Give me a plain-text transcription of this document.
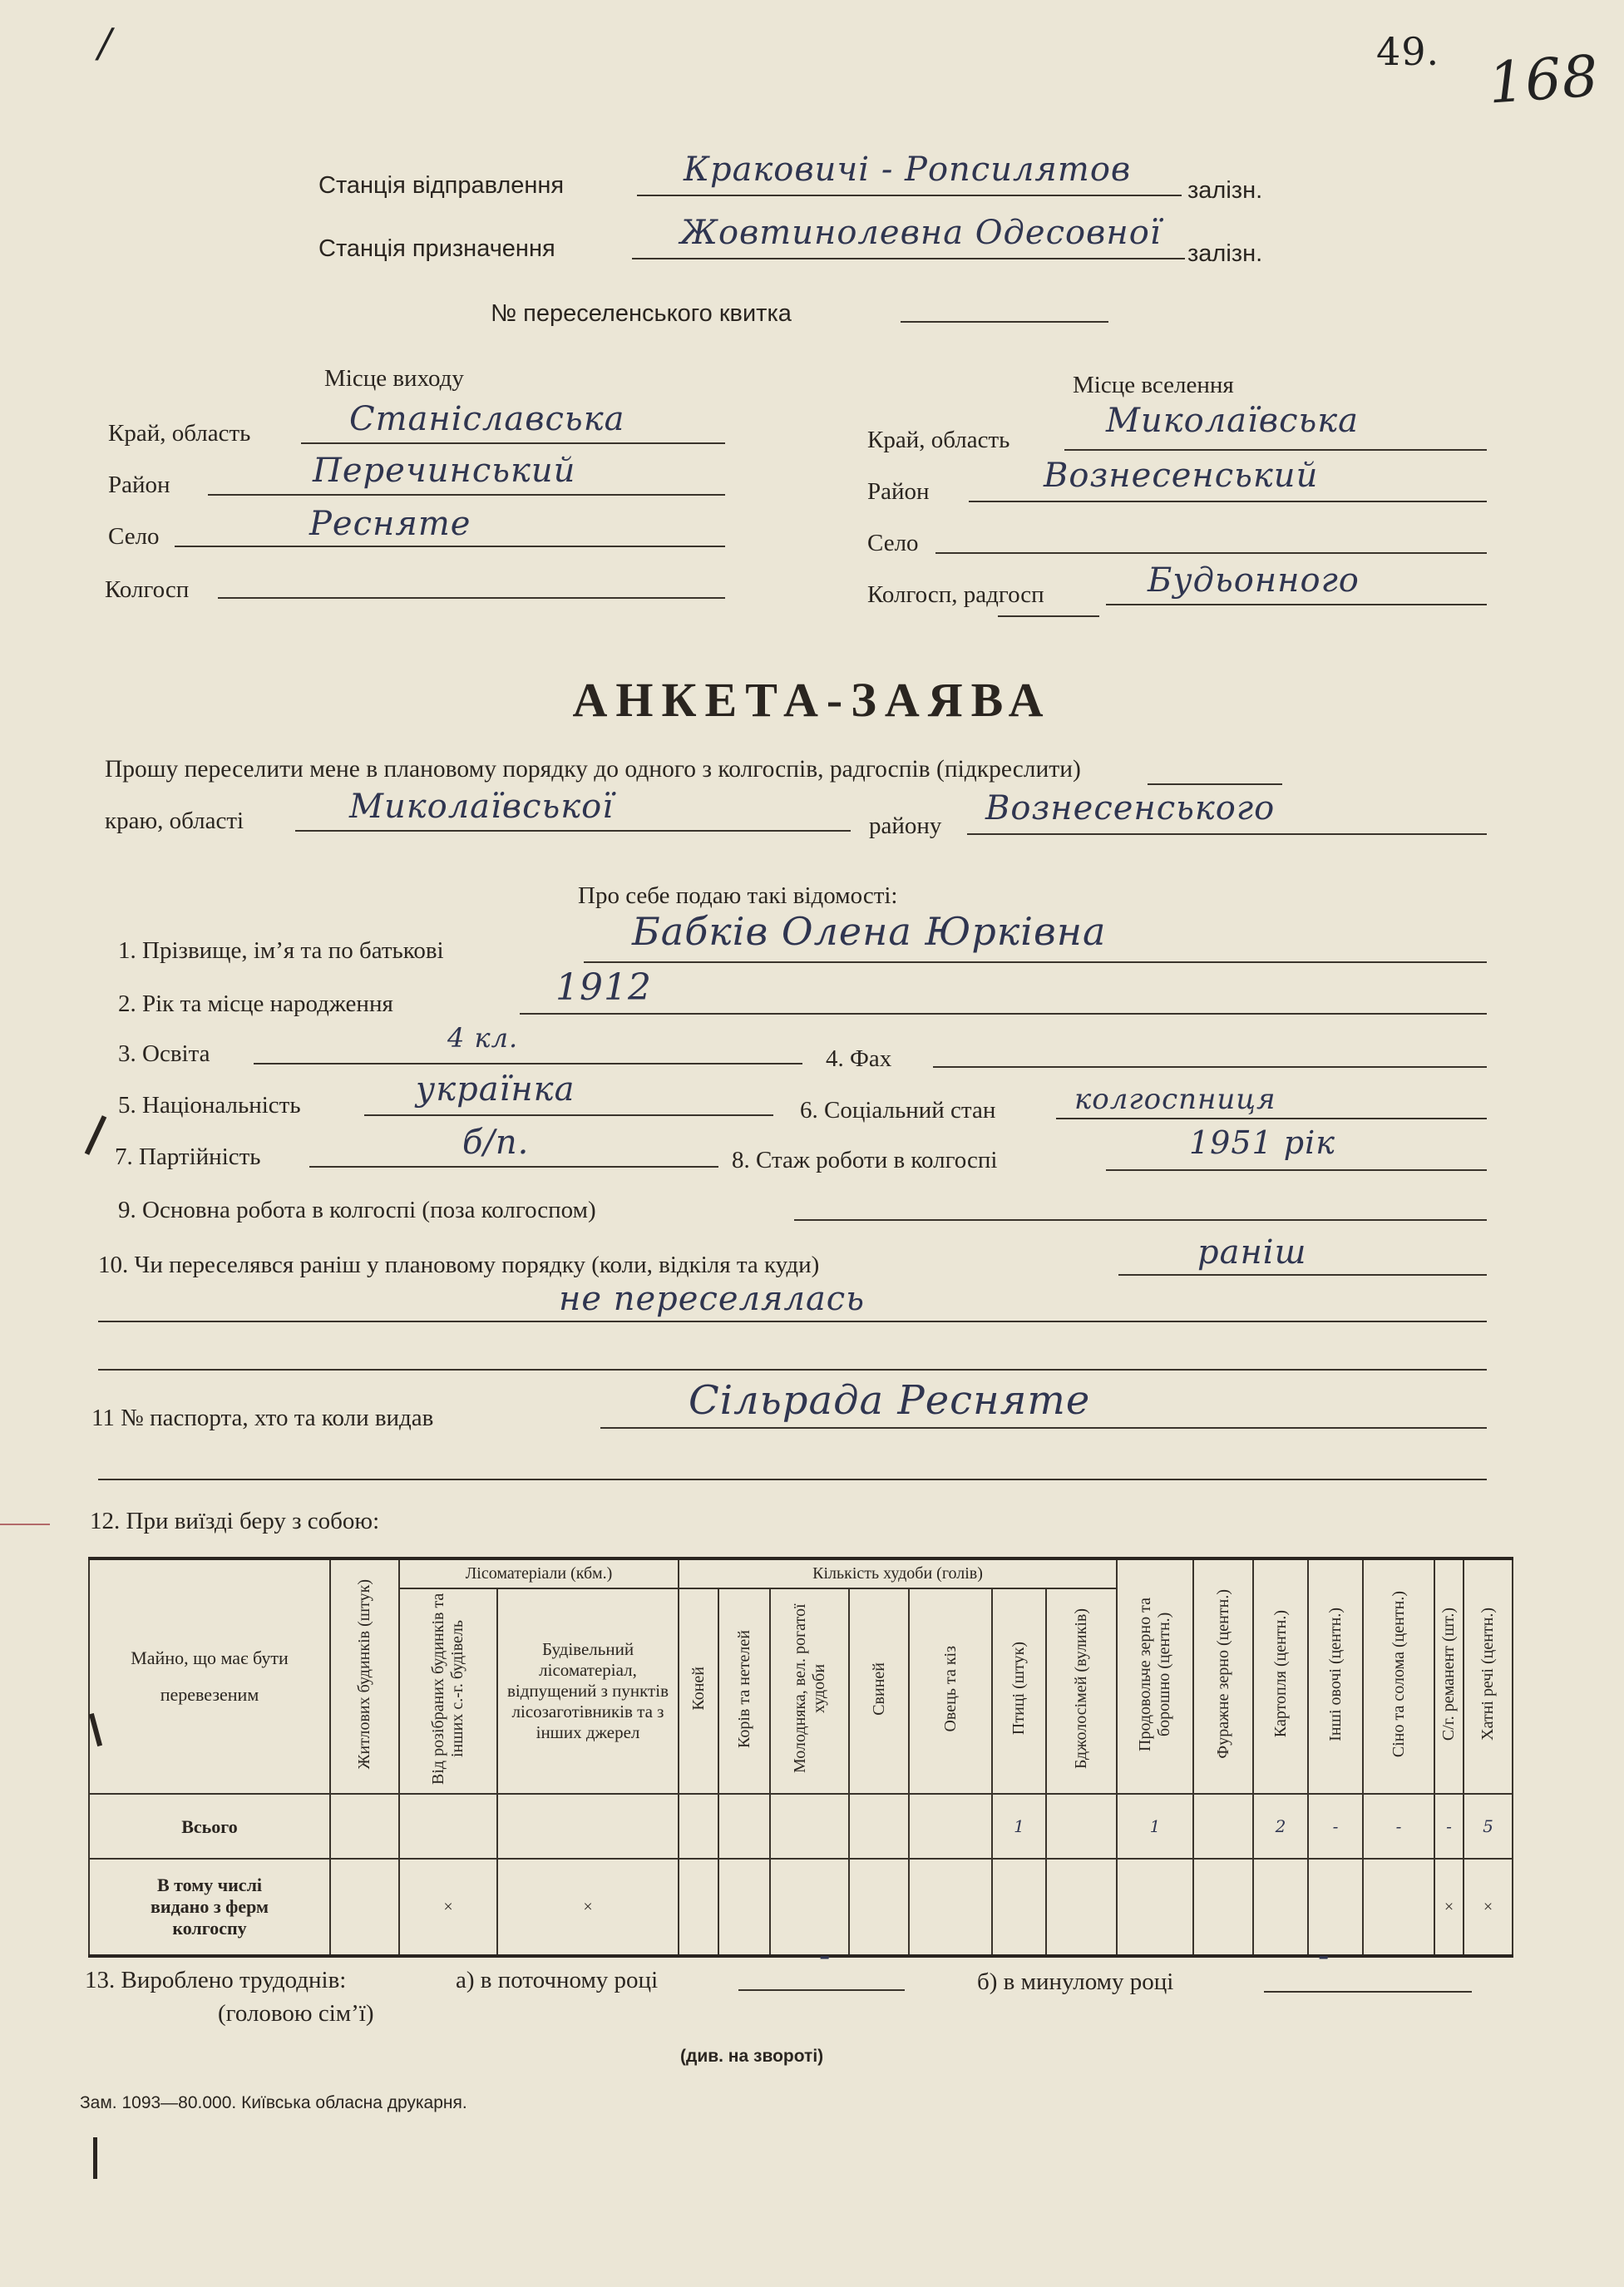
/	49. 168
Станція відправлення	Краковичі - Ропсилятов
залізн.
Станція призначення	Жовтинолевна Одесовної
залізн.
№ переселенського квитка
Місце виходу
Край, область	Станіславська
Район	Перечинський
Село	Ресняте
Колгосп
Місце вселення
Край, область	Миколаївська
Район	Вознесенський
Село
Колгосп, радгосп	Будьонного
АНКЕТА-ЗАЯВА
Прошу переселити мене в плановому порядку до одного з колгоспів, радгоспів (підкреслити)
краю, області	Миколаївської	району Вознесенського
Про себе подаю такі відомості:
1. Прізвище, ім’я та по батькові	Бабків Олена Юрківна
2. Рік та місце народження	1912
3. Освіта	4 кл.
4. Фах
5. Національність	українка
6. Соціальний стан	колгоспниця
7. Партійність	б/п.	8. Стаж роботи в колгоспі	1951 рік
9. Основна робота в колгоспі (поза колгоспом)
10. Чи переселявся раніш у плановому порядку (коли, відкіля та куди)	раніш
не переселялась
11 № паспорта, хто та коли видав	Сільрада Ресняте
12. При виїзді беру з собою:
Майно, що має бути перевезеним	Житлових будинків (штук)	Лісоматеріали (кбм.)		Кількість худоби (голів)							Продовольче зерно та борошно (центн.)	Фуражне зерно (центн.)	Картопля (центн.)	Інші овочі (центн.)	Сіно та солома (центн.)	С/г. реманент (шт.)	Хатні речі (центн.)
		Від розібраних будинків та інших с.-г. будівель	Будівельний лісоматеріал, відпущений з пунктів лісозаготівників та з інших джерел	Коней	Корів та нетелей	Молодняка, вел. рогатої худоби	Свиней	Овець та кіз	Птиці (штук)	Бджолосімей (вуликів)							
Всього									1		1		2	-	-	-	5
В тому числі видано з ферм колгоспу		×	×													×	×
13. Вироблено трудоднів:	а) в поточному році
-
б) в минулому році
-
(головою сім’ї)
(див. на звороті)
Зам. 1093—80.000. Київська обласна друкарня.
